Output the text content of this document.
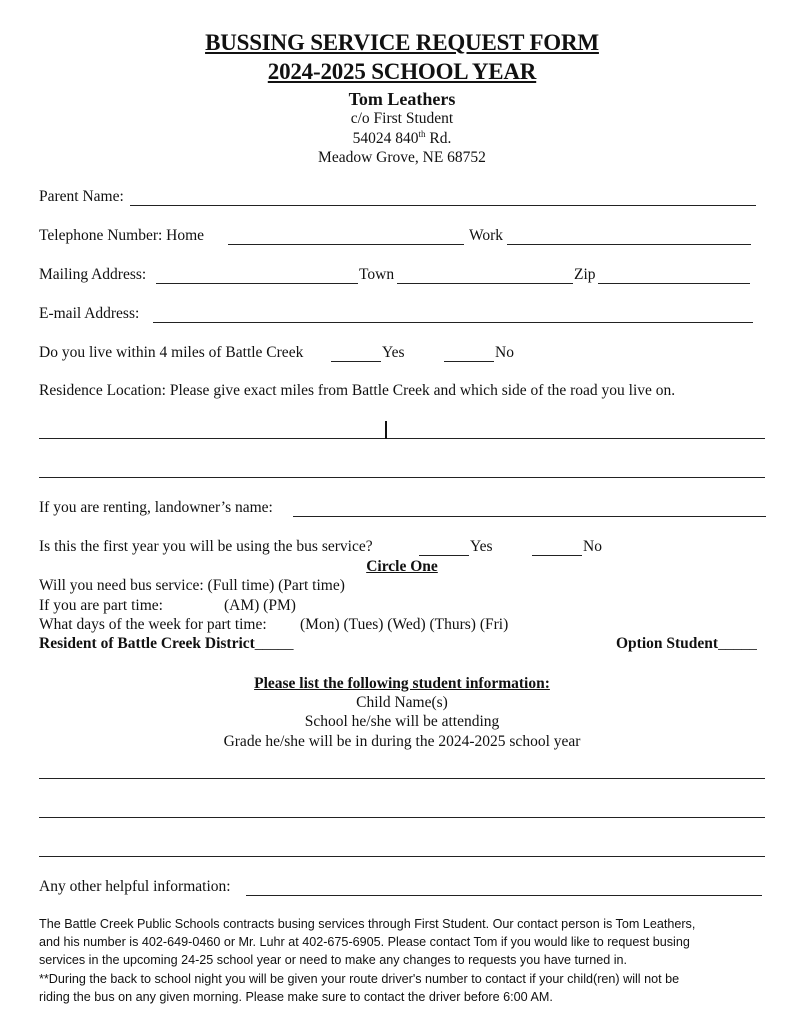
BUSSING SERVICE REQUEST FORM
2024-2025 SCHOOL YEAR
Tom Leathers
c/o First Student
54024 840th Rd.
Meadow Grove, NE 68752
Parent Name:
Telephone Number: Home	Work
Mailing Address:	Town	Zip
E-mail Address:
Do you live within 4 miles of Battle Creek	Yes	No
Residence Location: Please give exact miles from Battle Creek and which side of the road you live on.
If you are renting, landowner’s name:
Is this the first year you will be using the bus service?	Yes	No
Circle One
Will you need bus service: (Full time) (Part time)
If you are part time:	(AM) (PM)
What days of the week for part time: (Mon) (Tues) (Wed) (Thurs) (Fri)
Resident of Battle Creek District_____	Option Student_____
Please list the following student information:
Child Name(s)
School he/she will be attending
Grade he/she will be in during the 2024-2025 school year
Any other helpful information:
The Battle Creek Public Schools contracts busing services through First Student. Our contact person is Tom Leathers,
and his number is 402-649-0460 or Mr. Luhr at 402-675-6905. Please contact Tom if you would like to request busing
services in the upcoming 24-25 school year or need to make any changes to requests you have turned in.
**During the back to school night you will be given your route driver's number to contact if your child(ren) will not be
riding the bus on any given morning. Please make sure to contact the driver before 6:00 AM.
